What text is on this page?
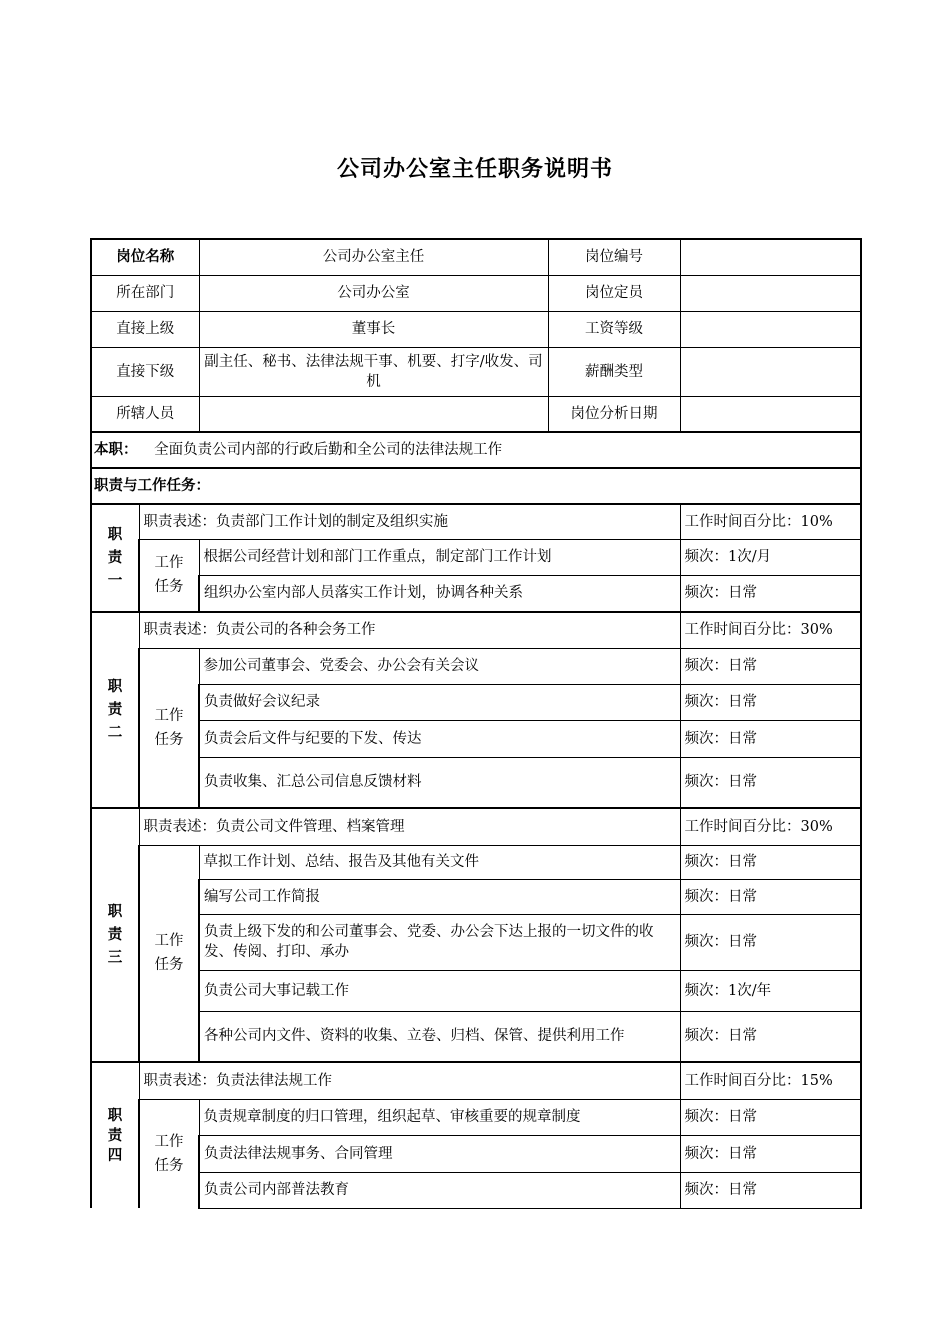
公司办公室主任职务说明书
岗位名称		公司办公室主任	岗位编号	
所在部门		公司办公室	岗位定员	
直接上级		董事长	工资等级	
直接下级		副主任、秘书、法律法规干事、机要、打字/收发、司机	薪酬类型	
所辖人员			岗位分析日期	
本职： 全面负责公司内部的行政后勤和全公司的法律法规工作				
职责与工作任务：				

职
责
一	职责表述：负责部门工作计划的制定及组织实施			工作时间百分比：10%

	工作
任务	根据公司经营计划和部门工作重点，制定部门工作计划		频次：1次/月
		组织办公室内部人员落实工作计划，协调各种关系		频次：日常

职
责
二	职责表述：负责公司的各种会务工作			工作时间百分比：30%

	工作
任务	参加公司董事会、党委会、办公会有关会议		频次：日常
		负责做好会议纪录		频次：日常
		负责会后文件与纪要的下发、传达		频次：日常
		负责收集、汇总公司信息反馈材料		频次：日常

职
责
三	职责表述：负责公司文件管理、档案管理			工作时间百分比：30%

	工作
任务	草拟工作计划、总结、报告及其他有关文件		频次：日常
		编写公司工作简报		频次：日常
		负责上级下发的和公司董事会、党委、办公会下达上报的一切文件的收发、传阅、打印、承办		频次：日常
		负责公司大事记载工作		频次：1次/年
		各种公司内文件、资料的收集、立卷、归档、保管、提供利用工作		频次：日常

职
责
四	职责表述：负责法律法规工作			工作时间百分比：15%

	工作
任务	负责规章制度的归口管理，组织起草、审核重要的规章制度		频次：日常
		负责法律法规事务、合同管理		频次：日常
		负责公司内部普法教育		频次：日常
